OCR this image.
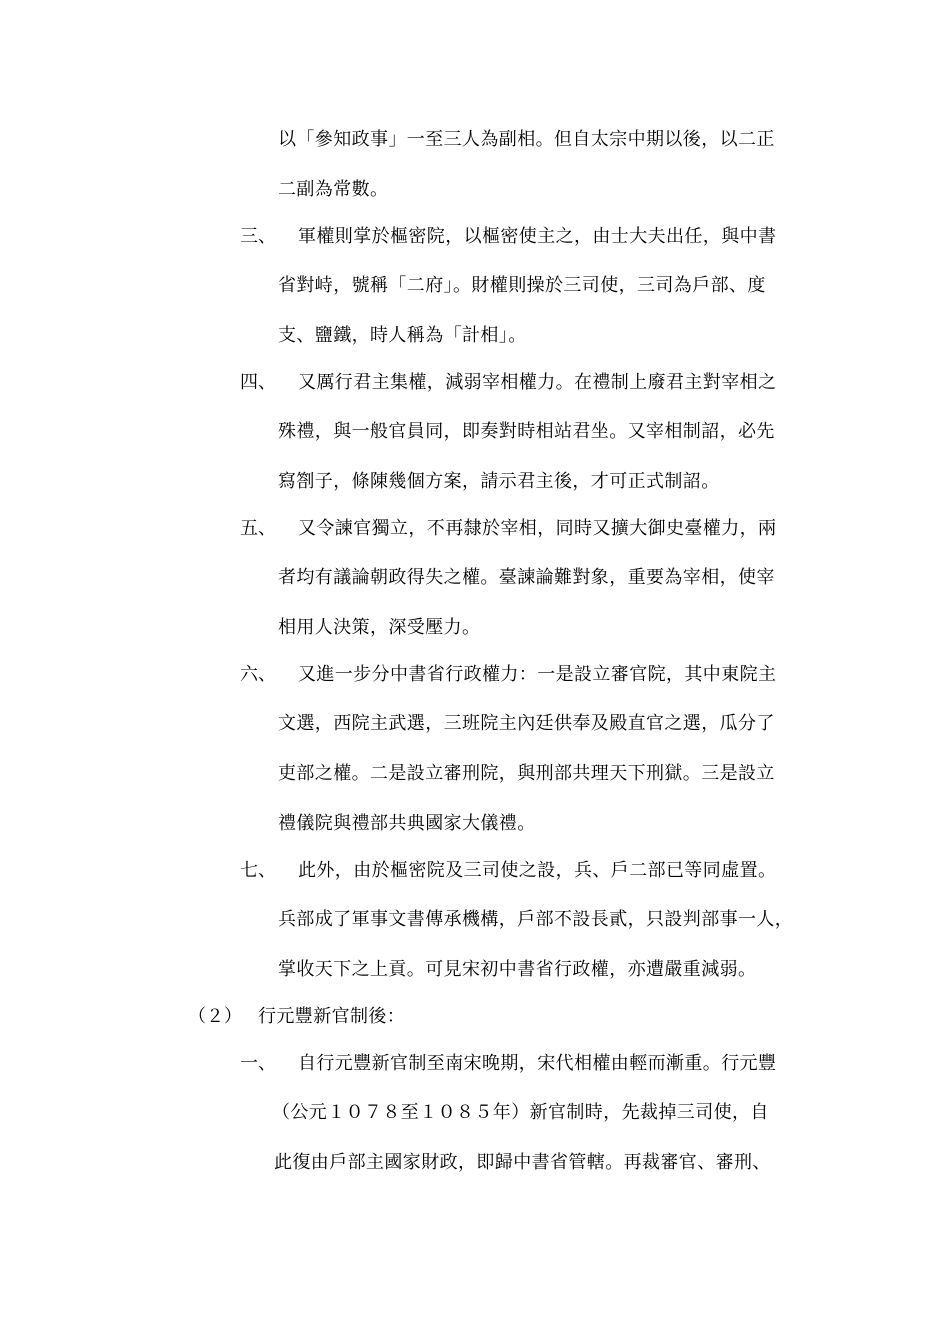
以「參知政事」一至三人為副相。但自太宗中期以後，以二正
二副為常數。
三、 軍權則掌於樞密院，以樞密使主之，由士大夫出任，與中書
省對峙，號稱「二府」。財權則操於三司使，三司為戶部、度
支、鹽鐵，時人稱為「計相」。
四、 又厲行君主集權，減弱宰相權力。在禮制上廢君主對宰相之
殊禮，與一般官員同，即奏對時相站君坐。又宰相制詔，必先
寫劄子，條陳幾個方案，請示君主後，才可正式制詔。
五、 又令諫官獨立，不再隸於宰相，同時又擴大御史臺權力，兩
者均有議論朝政得失之權。臺諫論難對象，重要為宰相，使宰
相用人決策，深受壓力。
六、 又進一步分中書省行政權力：一是設立審官院，其中東院主
文選，西院主武選，三班院主內廷供奉及殿直官之選，瓜分了
吏部之權。二是設立審刑院，與刑部共理天下刑獄。三是設立
禮儀院與禮部共典國家大儀禮。
七、 此外，由於樞密院及三司使之設，兵、戶二部已等同虛置。
兵部成了軍事文書傳承機構，戶部不設長貳，只設判部事一人，
掌收天下之上貢。可見宋初中書省行政權，亦遭嚴重減弱。
（２） 行元豐新官制後：
一、 自行元豐新官制至南宋晚期，宋代相權由輕而漸重。行元豐
（公元１０７８至１０８５年）新官制時，先裁掉三司使，自
此復由戶部主國家財政，即歸中書省管轄。再裁審官、審刑、
